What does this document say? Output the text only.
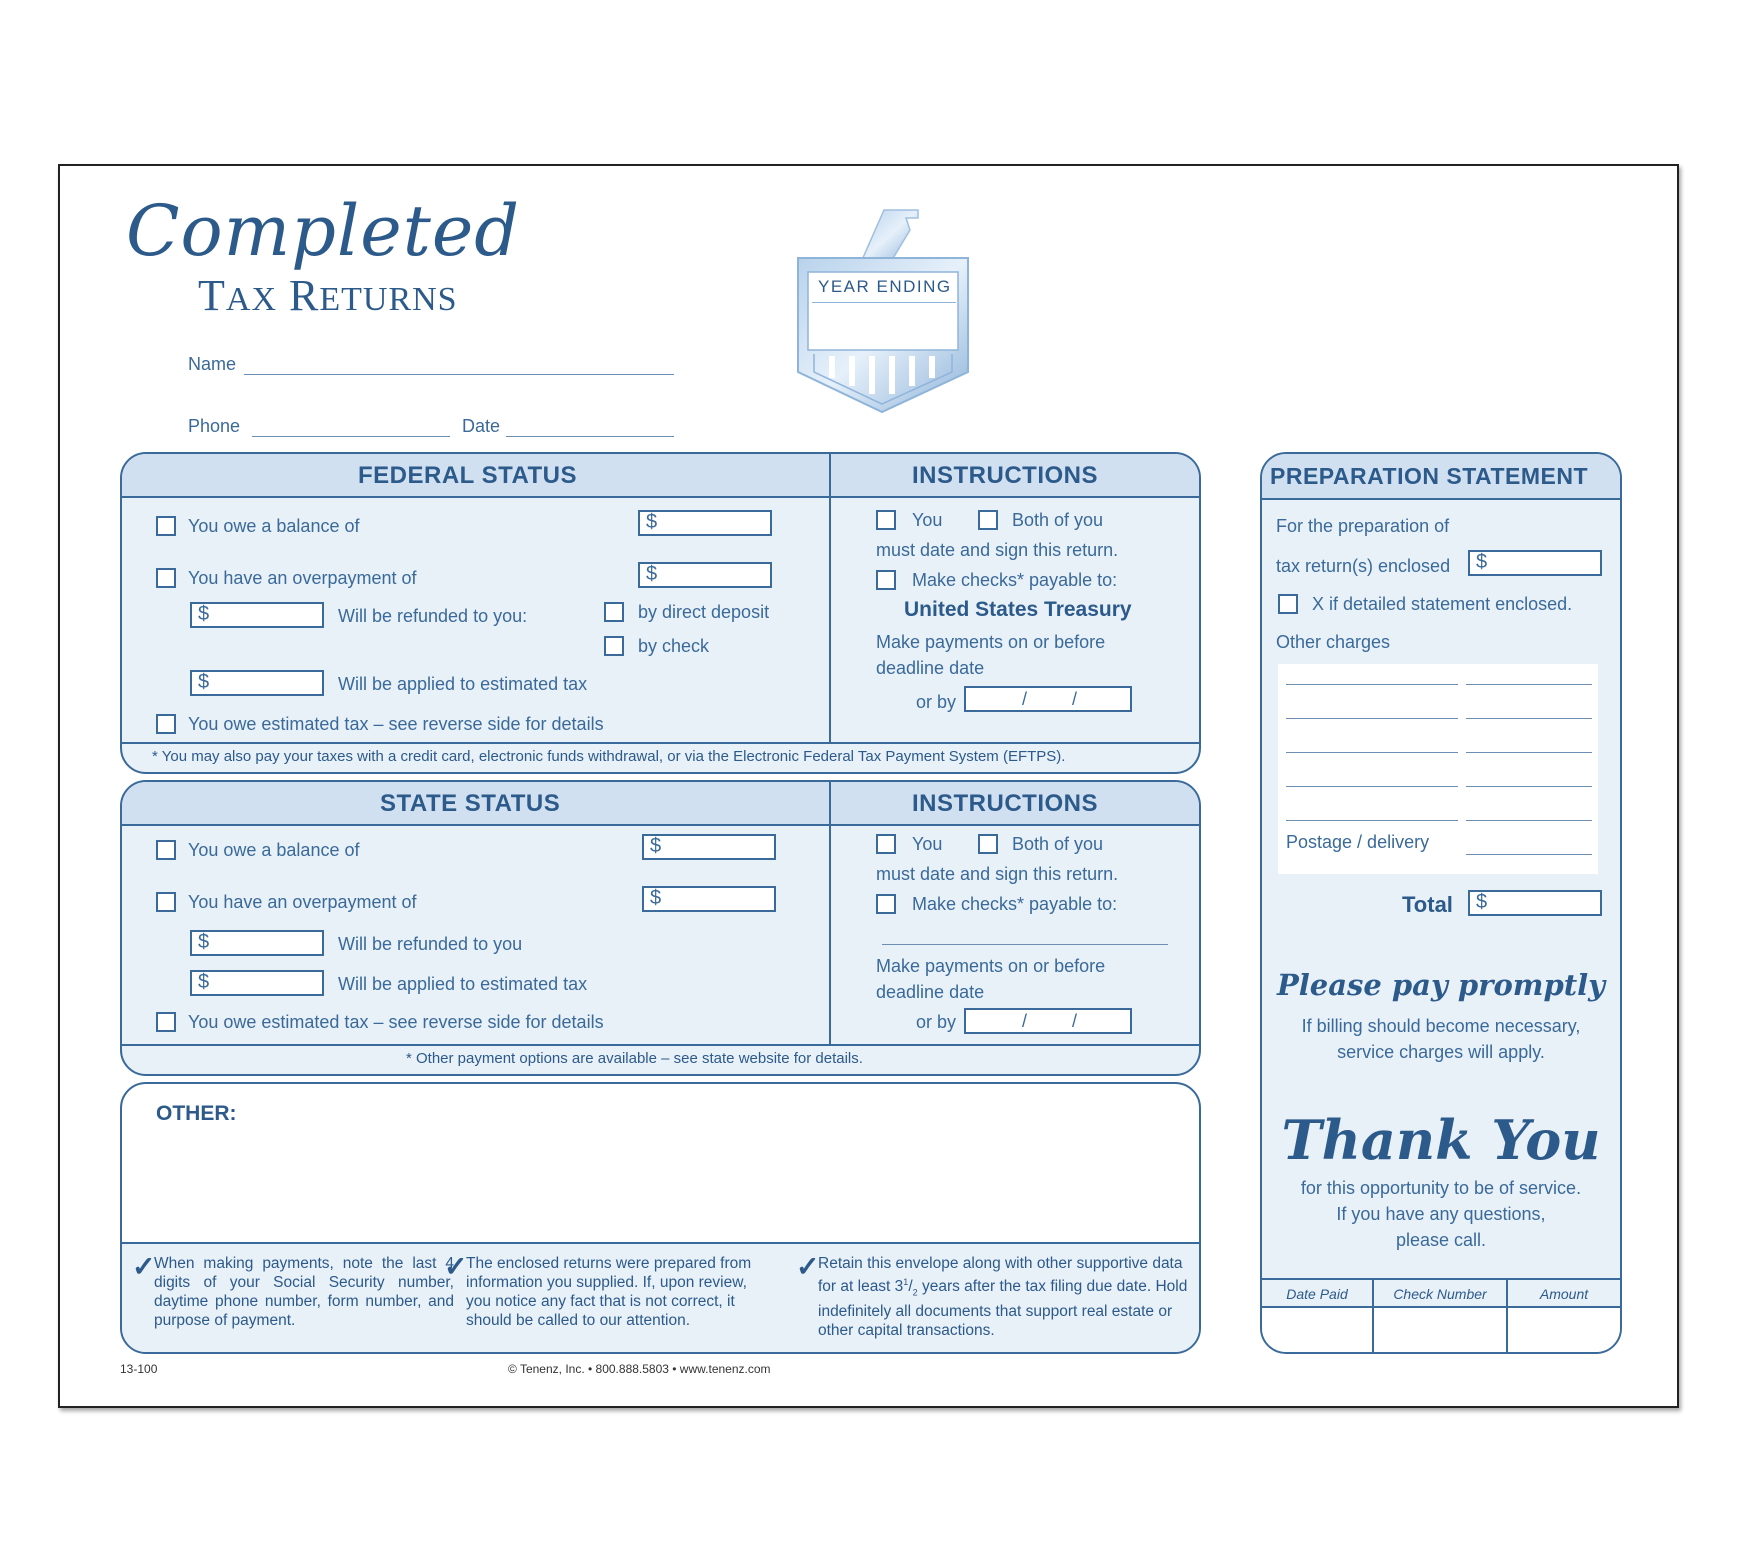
Completed
TAX RETURNS
Name
Phone	Date
YEAR ENDING
FEDERAL STATUS	INSTRUCTIONS
You owe a balance of	$
You have an overpayment of	$
$	Will be refunded to you:	by direct deposit
by check
$	Will be applied to estimated tax
You owe estimated tax – see reverse side for details
You	Both of you
must date and sign this return.
Make checks* payable to:
United States Treasury
Make payments on or before
deadline date
or by	/ /
* You may also pay your taxes with a credit card, electronic funds withdrawal, or via the Electronic Federal Tax Payment System (EFTPS).
STATE STATUS	INSTRUCTIONS
You owe a balance of	$
You have an overpayment of	$
$	Will be refunded to you
$	Will be applied to estimated tax
You owe estimated tax – see reverse side for details
You	Both of you
must date and sign this return.
Make checks* payable to:
Make payments on or before
deadline date
or by	/ /
* Other payment options are available – see state website for details.
OTHER:
✓
When making payments, note the last 4 digits of your Social Security number, daytime phone number, form number, and purpose of payment.
✓
The enclosed returns were prepared from information you supplied. If, upon review, you notice any fact that is not correct, it should be called to our attention.
✓
Retain this envelope along with other supportive data for at least $3^1/_2$ years after the tax filing due date. Hold indefinitely all documents that support real estate or other capital transactions.
PREPARATION STATEMENT
For the preparation of
tax return(s) enclosed $
X if detailed statement enclosed.
Other charges
Postage / delivery
Total $
Please pay promptly
If billing should become necessary,
service charges will apply.
Thank You
for this opportunity to be of service.
If you have any questions,
please call.
Date Paid	Check Number	Amount
13-100	© Tenenz, Inc. • 800.888.5803 • www.tenenz.com
